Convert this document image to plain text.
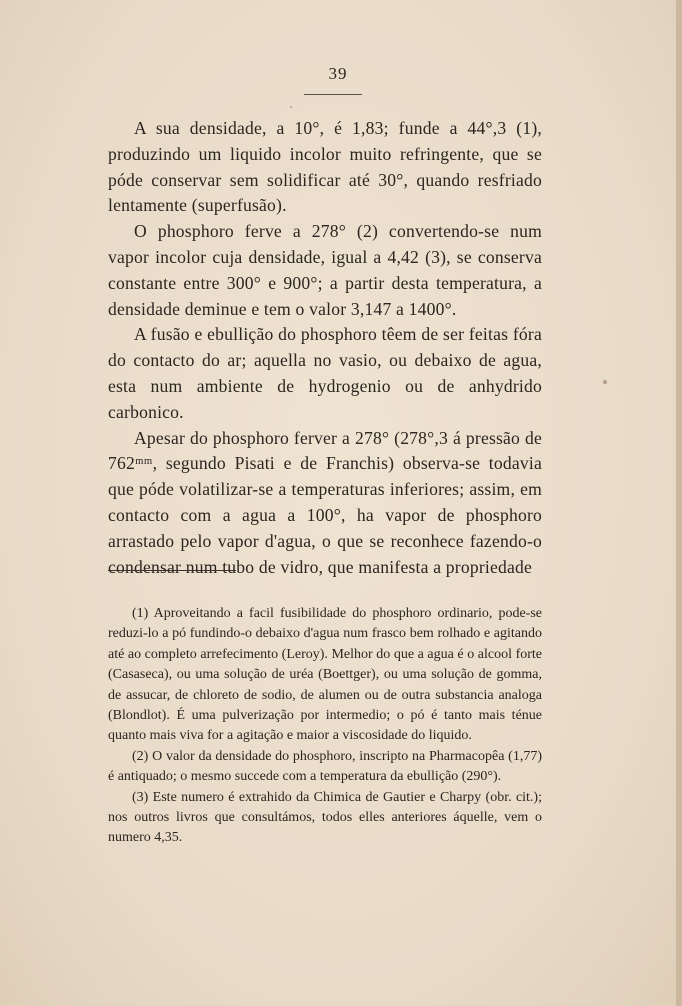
39

A sua densidade, a 10°, é 1,83; funde a 44°,3 (1), produzindo um liquido incolor muito refringente, que se póde conservar sem solidificar até 30°, quando resfriado lentamente (superfusão).

O phosphoro ferve a 278° (2) convertendo-se num vapor incolor cuja densidade, igual a 4,42 (3), se conserva constante entre 300° e 900°; a partir desta temperatura, a densidade deminue e tem o valor 3,147 a 1400°.

A fusão e ebullição do phosphoro têem de ser feitas fóra do contacto do ar; aquella no vasio, ou debaixo de agua, esta num ambiente de hydrogenio ou de anhydrido carbonico.

Apesar do phosphoro ferver a 278° (278°,3 á pressão de 762ᵐᵐ, segundo Pisati e de Franchis) observa-se todavia que póde volatilizar-se a temperaturas inferiores; assim, em contacto com a agua a 100°, ha vapor de phosphoro arrastado pelo vapor d'agua, o que se reconhece fazendo-o condensar num tubo de vidro, que manifesta a propriedade

(1) Aproveitando a facil fusibilidade do phosphoro ordinario, pode-se reduzi-lo a pó fundindo-o debaixo d'agua num frasco bem rolhado e agitando até ao completo arrefecimento (Leroy). Melhor do que a agua é o alcool forte (Casaseca), ou uma solução de uréa (Boettger), ou uma solução de gomma, de assucar, de chloreto de sodio, de alumen ou de outra substancia analoga (Blondlot). É uma pulverização por intermedio; o pó é tanto mais ténue quanto mais viva for a agitação e maior a viscosidade do liquido.

(2) O valor da densidade do phosphoro, inscripto na Pharmacopêa (1,77) é antiquado; o mesmo succede com a temperatura da ebullição (290°).

(3) Este numero é extrahido da Chimica de Gautier e Charpy (obr. cit.); nos outros livros que consultámos, todos elles anteriores áquelle, vem o numero 4,35.
